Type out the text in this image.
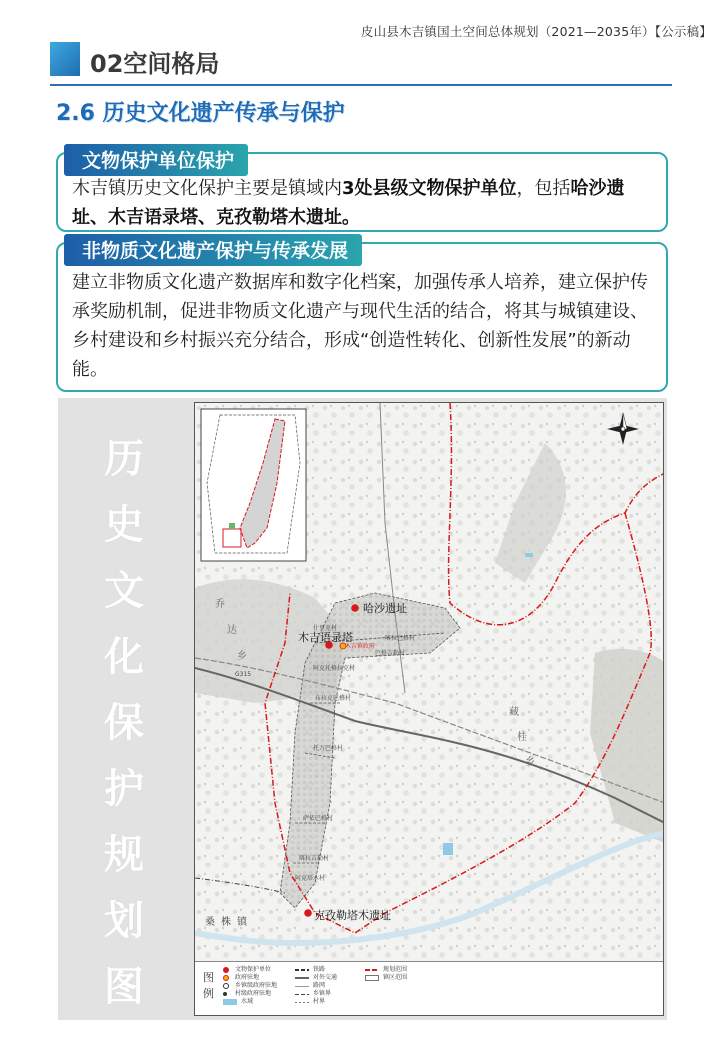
皮山县木吉镇国土空间总体规划（2021—2035年）【公示稿】
02空间格局
2.6 历史文化遗产传承与保护
文物保护单位保护
木吉镇历史文化保护主要是镇域内3处县级文物保护单位，包括哈沙遗址、木吉语录塔、克孜勒塔木遗址。
非物质文化遗产保护与传承发展
建立非物质文化遗产数据库和数字化档案，加强传承人培养，建立保护传承奖励机制，促进非物质文化遗产与现代生活的结合，将其与城镇建设、乡村建设和乡村振兴充分结合，形成“创造性转化、创新性发展”的新动能。
历
史
文
化
保
护
规
划
图
哈沙遗址
木吉语录塔
克孜勒塔木遗址
乔
达
乡
藏
桂
乡
桑 株 镇
木吉镇政府
什里克村
喀拉巴格村
阿克托格拉克村
巴格吉勒村
布拉克巴格村
托万巴格村
萨依巴格村
喀拉吉勒村
阿克塔木村
G315
图例
文物保护单位
政府驻地
乡镇级政府驻地
村级政府驻地
水域
铁路
对外交通
路网
乡镇界
村界
规划范围
镇区范围
